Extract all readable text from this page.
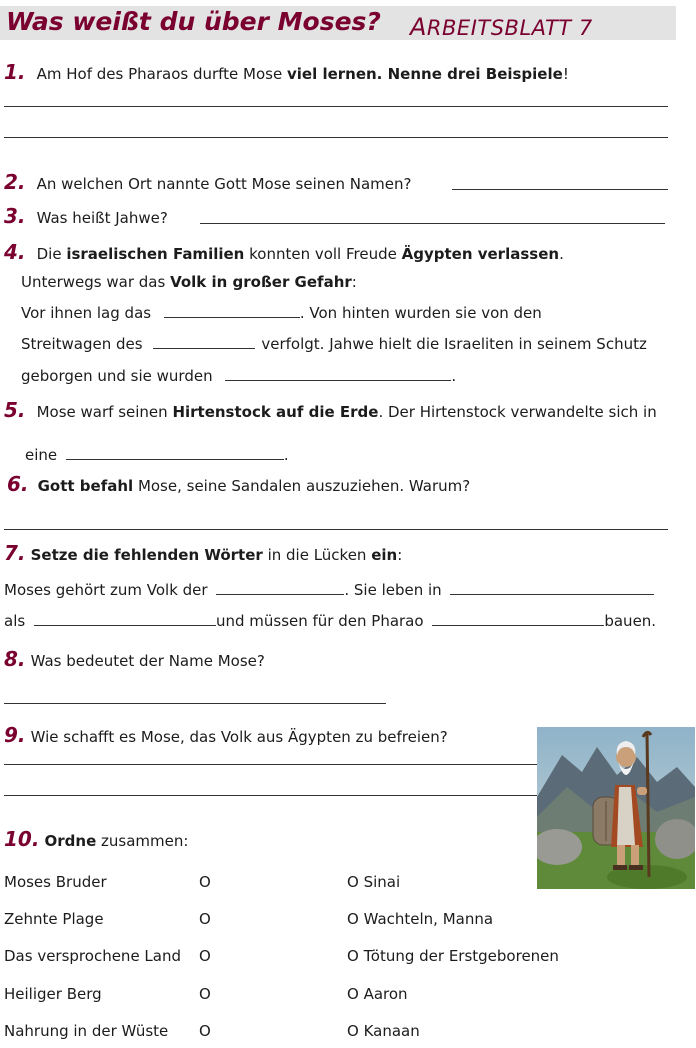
Was weißt du über Moses? ARBEITSBLATT 7
1. Am Hof des Pharaos durfte Mose viel lernen. Nenne drei Beispiele!
2. An welchen Ort nannte Gott Mose seinen Namen?
3. Was heißt Jahwe?
4. Die israelischen Familien konnten voll Freude Ägypten verlassen.
Unterwegs war das Volk in großer Gefahr:
Vor ihnen lag das	. Von hinten wurden sie von den
Streitwagen des	verfolgt. Jahwe hielt die Israeliten in seinem Schutz
geborgen und sie wurden	.
5. Mose warf seinen Hirtenstock auf die Erde. Der Hirtenstock verwandelte sich in
eine	.
6. Gott befahl Mose, seine Sandalen auszuziehen. Warum?
7. Setze die fehlenden Wörter in die Lücken ein:
Moses gehört zum Volk der	. Sie leben in
als	und müssen für den Pharao	bauen.
8. Was bedeutet der Name Mose?
9. Wie schafft es Mose, das Volk aus Ägypten zu befreien?
10. Ordne zusammen:
Moses Bruder	O	O Sinai
Zehnte Plage	O	O Wachteln, Manna
Das versprochene Land O	O Tötung der Erstgeborenen
Heiliger Berg	O	O Aaron
Nahrung in der Wüste O	O Kanaan
